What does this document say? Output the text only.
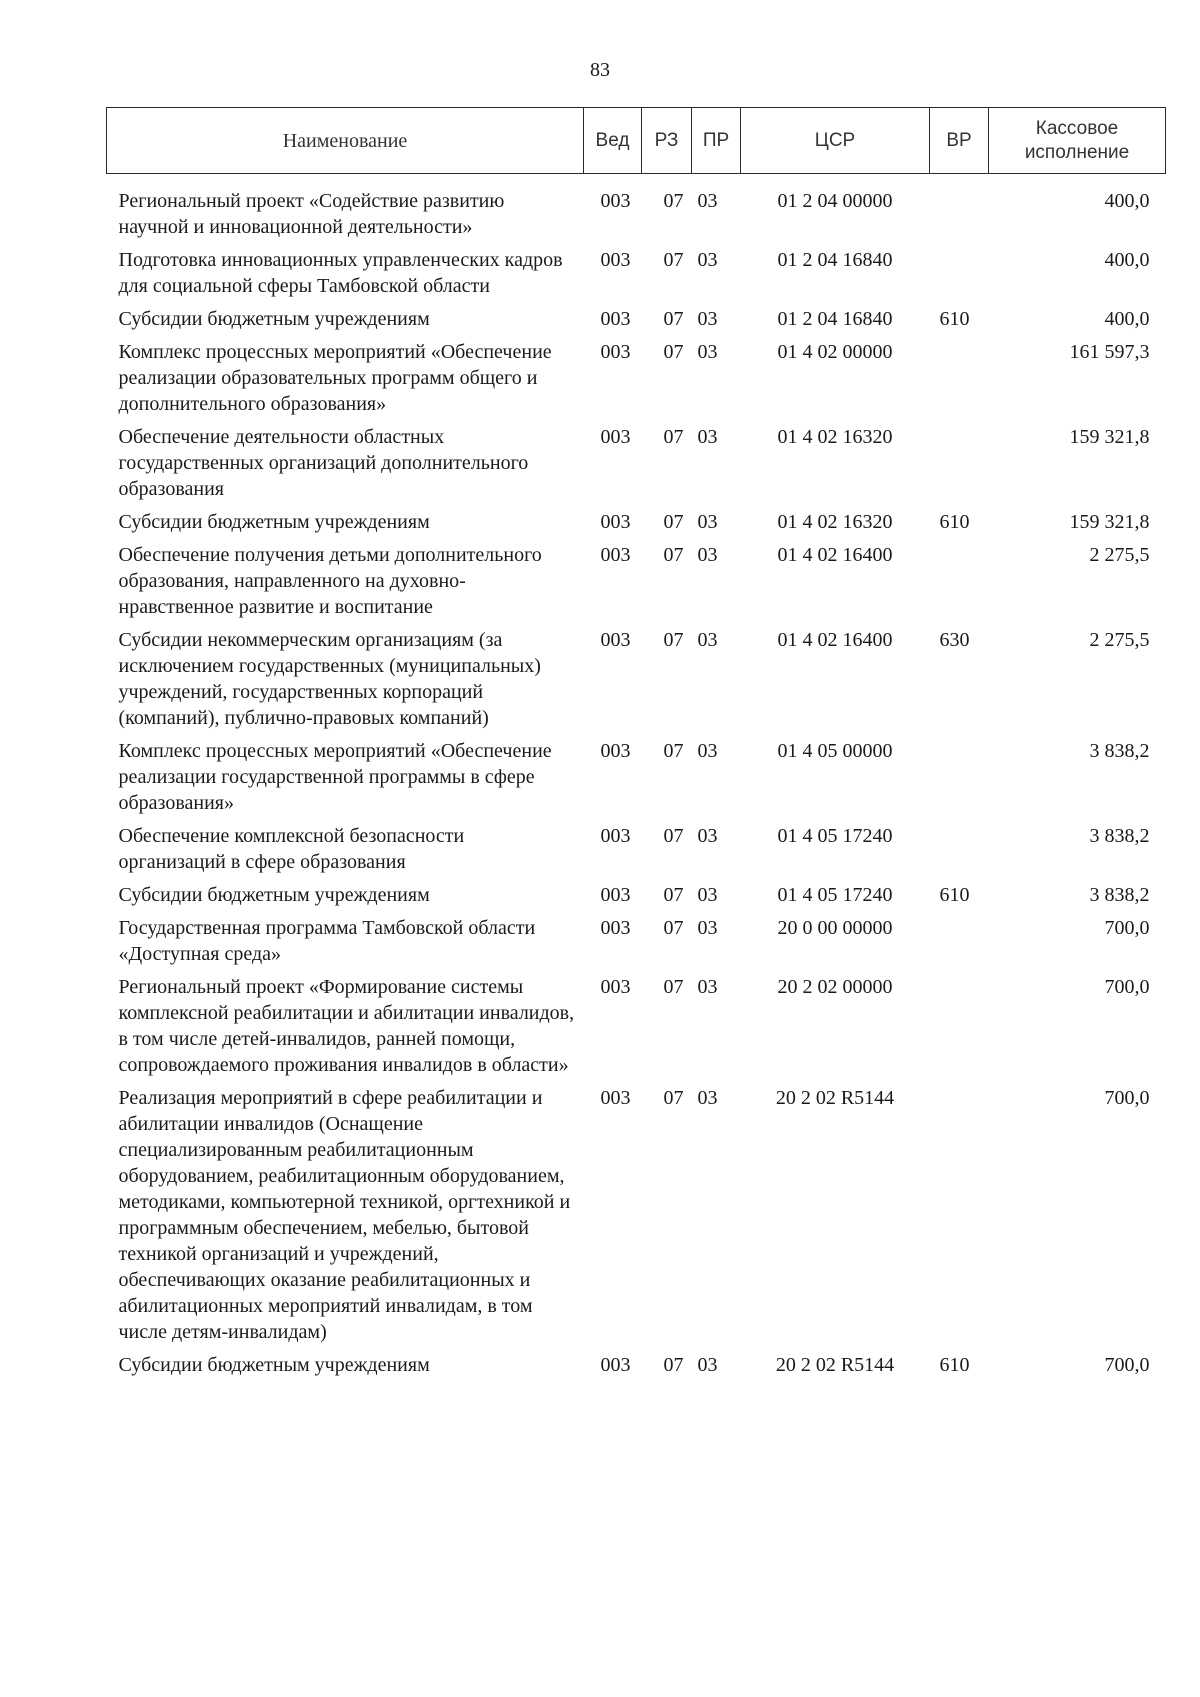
83
Наименование	Вед	РЗ	ПР	ЦСР	ВР	Кассовое исполнение
Региональный проект «Содействие развитию научной и инновационной деятельности»	003	07	03	01 2 04 00000		400,0
Подготовка инновационных управленческих кадров для социальной сферы Тамбовской области	003	07	03	01 2 04 16840		400,0
Субсидии бюджетным учреждениям	003	07	03	01 2 04 16840	610	400,0
Комплекс процессных мероприятий «Обеспечение реализации образовательных программ общего и дополнительного образования»	003	07	03	01 4 02 00000		161 597,3
Обеспечение деятельности областных государственных организаций дополнительного образования	003	07	03	01 4 02 16320		159 321,8
Субсидии бюджетным учреждениям	003	07	03	01 4 02 16320	610	159 321,8
Обеспечение получения детьми дополнительного образования, направленного на духовно-нравственное развитие и воспитание	003	07	03	01 4 02 16400		2 275,5
Субсидии некоммерческим организациям (за исключением государственных (муниципальных) учреждений, государственных корпораций (компаний), публично-правовых компаний)	003	07	03	01 4 02 16400	630	2 275,5
Комплекс процессных мероприятий «Обеспечение реализации государственной программы в сфере образования»	003	07	03	01 4 05 00000		3 838,2
Обеспечение комплексной безопасности организаций в сфере образования	003	07	03	01 4 05 17240		3 838,2
Субсидии бюджетным учреждениям	003	07	03	01 4 05 17240	610	3 838,2
Государственная программа Тамбовской области «Доступная среда»	003	07	03	20 0 00 00000		700,0
Региональный проект «Формирование системы комплексной реабилитации и абилитации инвалидов, в том числе детей-инвалидов, ранней помощи, сопровождаемого проживания инвалидов в области»	003	07	03	20 2 02 00000		700,0
Реализация мероприятий в сфере реабилитации и абилитации инвалидов (Оснащение специализированным реабилитационным оборудованием, реабилитационным оборудованием, методиками, компьютерной техникой, оргтехникой и программным обеспечением, мебелью, бытовой техникой организаций и учреждений, обеспечивающих оказание реабилитационных и абилитационных мероприятий инвалидам, в том числе детям-инвалидам)	003	07	03	20 2 02 R5144		700,0
Субсидии бюджетным учреждениям	003	07	03	20 2 02 R5144	610	700,0
